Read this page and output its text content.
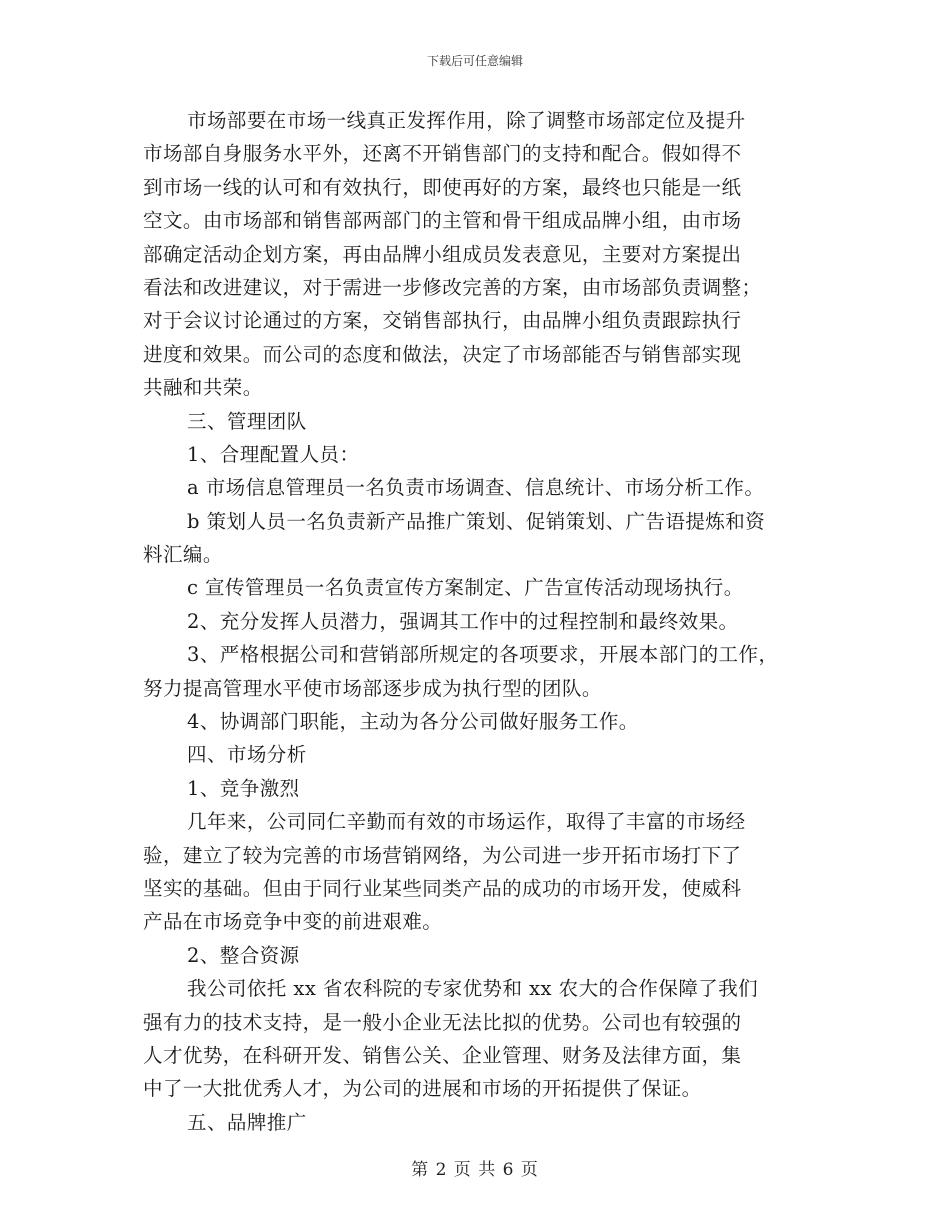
下载后可任意编辑
市场部要在市场一线真正发挥作用，除了调整市场部定位及提升
市场部自身服务水平外，还离不开销售部门的支持和配合。假如得不
到市场一线的认可和有效执行，即使再好的方案，最终也只能是一纸
空文。由市场部和销售部两部门的主管和骨干组成品牌小组，由市场
部确定活动企划方案，再由品牌小组成员发表意见，主要对方案提出
看法和改进建议，对于需进一步修改完善的方案，由市场部负责调整；
对于会议讨论通过的方案，交销售部执行，由品牌小组负责跟踪执行
进度和效果。而公司的态度和做法，决定了市场部能否与销售部实现
共融和共荣。
三、管理团队
1、合理配置人员：
a 市场信息管理员一名负责市场调查、信息统计、市场分析工作。
b 策划人员一名负责新产品推广策划、促销策划、广告语提炼和资
料汇编。
c 宣传管理员一名负责宣传方案制定、广告宣传活动现场执行。
2、充分发挥人员潜力，强调其工作中的过程控制和最终效果。
3、严格根据公司和营销部所规定的各项要求，开展本部门的工作，
努力提高管理水平使市场部逐步成为执行型的团队。
4、协调部门职能，主动为各分公司做好服务工作。
四、市场分析
1、竞争激烈
几年来，公司同仁辛勤而有效的市场运作，取得了丰富的市场经
验，建立了较为完善的市场营销网络，为公司进一步开拓市场打下了
坚实的基础。但由于同行业某些同类产品的成功的市场开发，使威科
产品在市场竞争中变的前进艰难。
2、整合资源
我公司依托 xx 省农科院的专家优势和 xx 农大的合作保障了我们
强有力的技术支持，是一般小企业无法比拟的优势。公司也有较强的
人才优势，在科研开发、销售公关、企业管理、财务及法律方面，集
中了一大批优秀人才，为公司的进展和市场的开拓提供了保证。
五、品牌推广
第 2 页 共 6 页
